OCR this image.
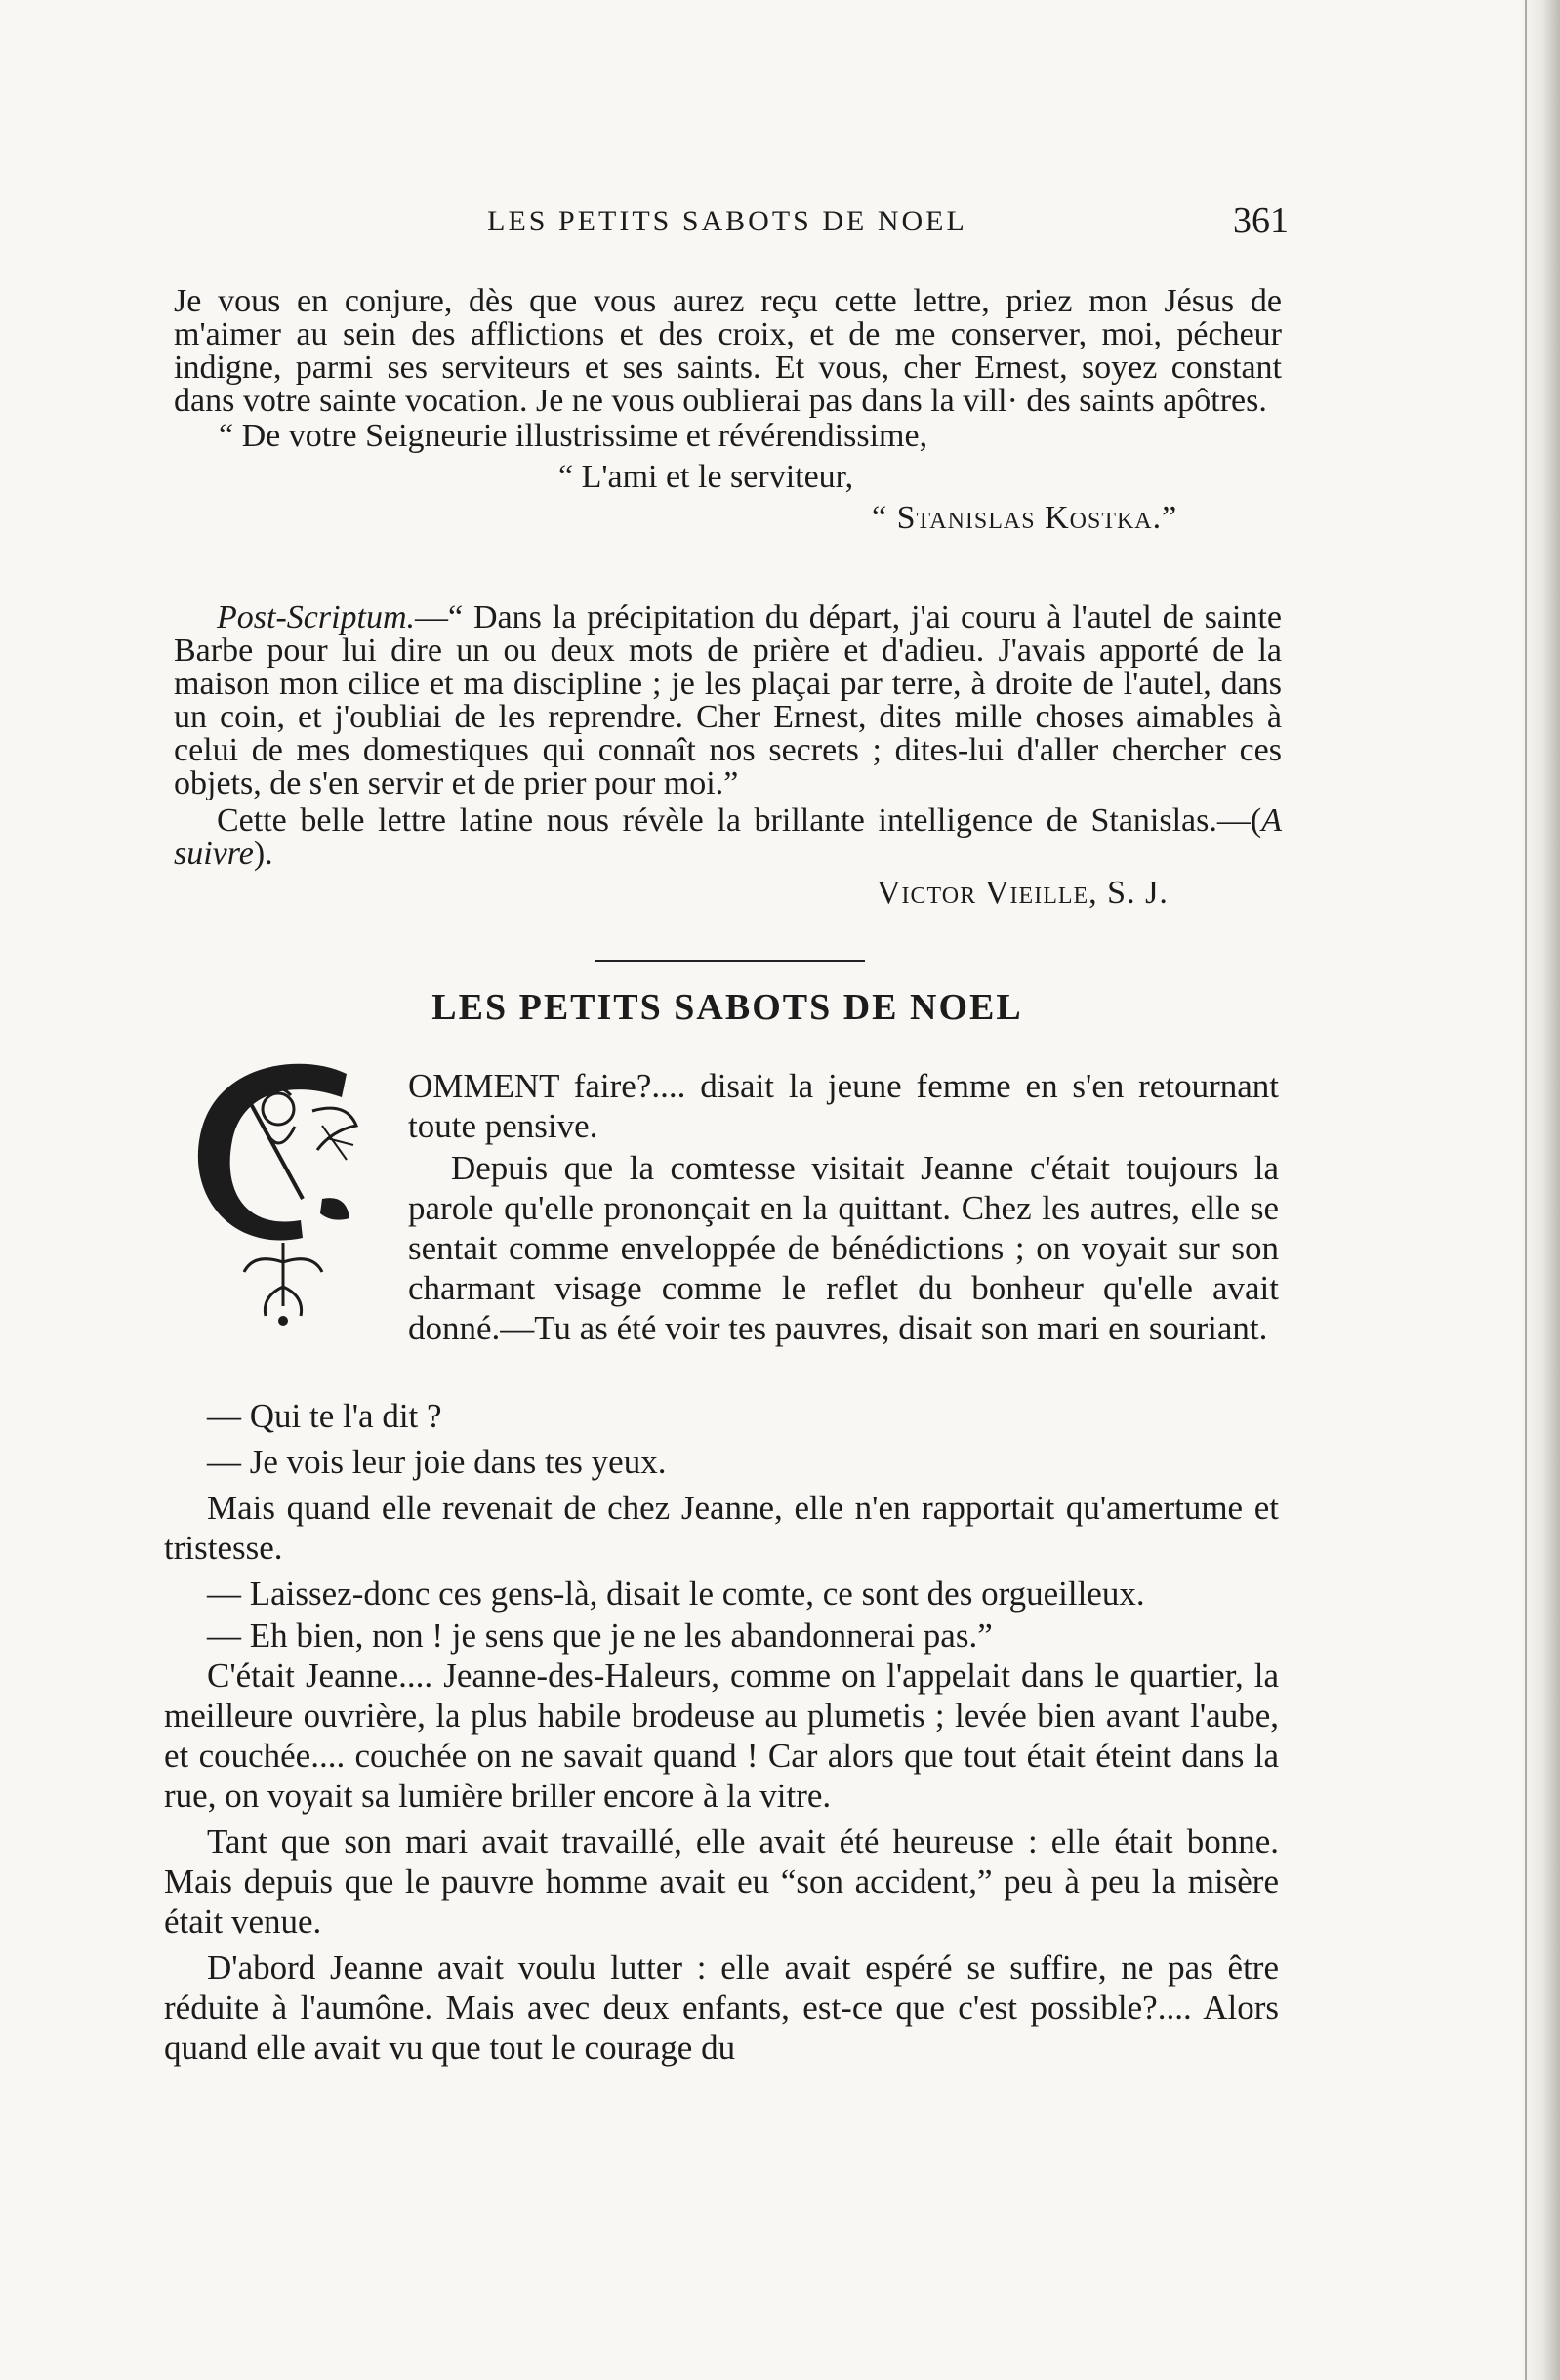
LES PETITS SABOTS DE NOEL	361

Je vous en conjure, dès que vous aurez reçu cette lettre, priez mon Jésus de m'aimer au sein des afflictions et des croix, et de me conserver, moi, pécheur indigne, parmi ses serviteurs et ses saints. Et vous, cher Ernest, soyez constant dans votre sainte vocation. Je ne vous oublierai pas dans la vill· des saints apôtres.

“ De votre Seigneurie illustrissime et révérendissime,

“ L'ami et le serviteur,

“ Stanislas Kostka.”

Post-Scriptum.—“ Dans la précipitation du départ, j'ai couru à l'autel de sainte Barbe pour lui dire un ou deux mots de prière et d'adieu. J'avais apporté de la maison mon cilice et ma discipline ; je les plaçai par terre, à droite de l'autel, dans un coin, et j'oubliai de les reprendre. Cher Ernest, dites mille choses aimables à celui de mes domestiques qui connaît nos secrets ; dites-lui d'aller chercher ces objets, de s'en servir et de prier pour moi.”

Cette belle lettre latine nous révèle la brillante intelligence de Stanislas.—(A suivre).

Victor Vieille, S. J.

LES PETITS SABOTS DE NOEL

OMMENT faire?.... disait la jeune femme en s'en retournant toute pensive.

Depuis que la comtesse visitait Jeanne c'était toujours la parole qu'elle prononçait en la quittant. Chez les autres, elle se sentait comme enveloppée de bénédictions ; on voyait sur son charmant visage comme le reflet du bonheur qu'elle avait donné.—Tu as été voir tes pauvres, disait son mari en souriant.

— Qui te l'a dit ?

— Je vois leur joie dans tes yeux.

Mais quand elle revenait de chez Jeanne, elle n'en rapportait qu'amertume et tristesse.

— Laissez-donc ces gens-là, disait le comte, ce sont des orgueilleux.

— Eh bien, non ! je sens que je ne les abandonnerai pas.”

C'était Jeanne.... Jeanne-des-Haleurs, comme on l'appelait dans le quartier, la meilleure ouvrière, la plus habile brodeuse au plumetis ; levée bien avant l'aube, et couchée.... couchée on ne savait quand ! Car alors que tout était éteint dans la rue, on voyait sa lumière briller encore à la vitre.

Tant que son mari avait travaillé, elle avait été heureuse : elle était bonne. Mais depuis que le pauvre homme avait eu “son accident,” peu à peu la misère était venue.

D'abord Jeanne avait voulu lutter : elle avait espéré se suffire, ne pas être réduite à l'aumône. Mais avec deux enfants, est-ce que c'est possible?.... Alors quand elle avait vu que tout le courage du
